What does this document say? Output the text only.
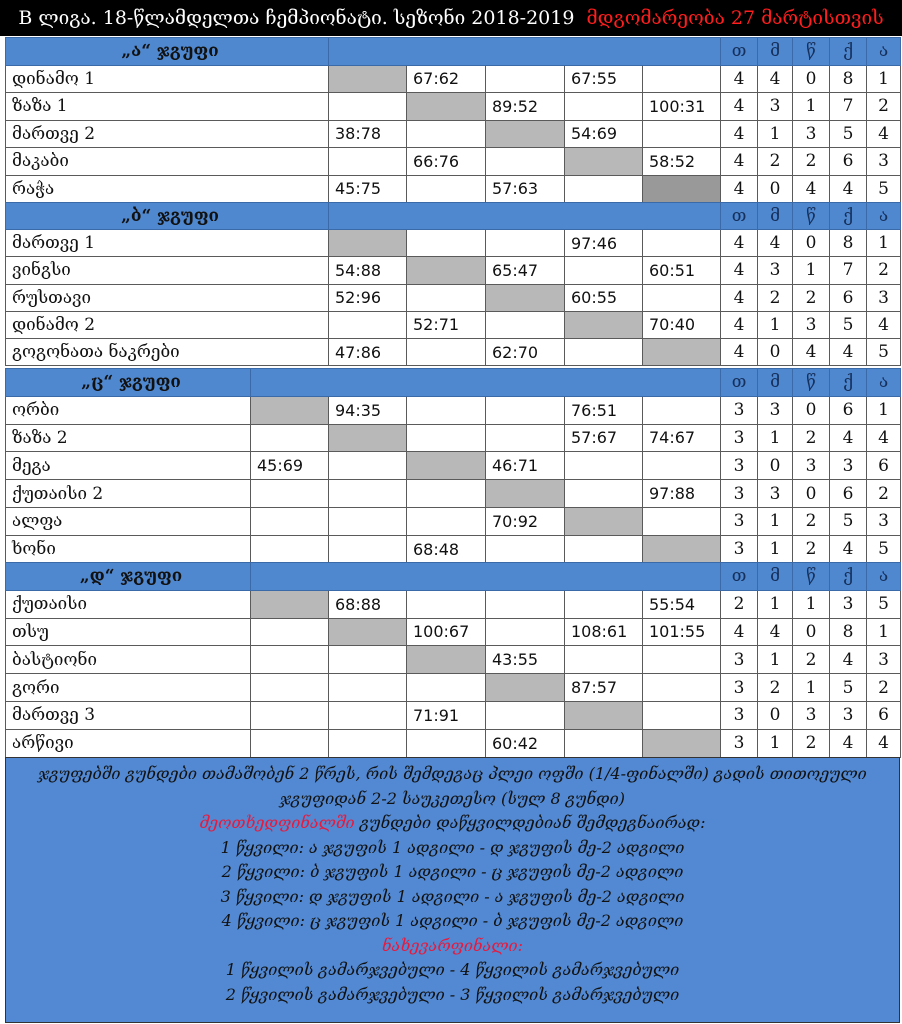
B ლიგა. 18-წლამდელთა ჩემპიონატი. სეზონი 2018-2019 მდგომარეობა 27 მარტისთვის
„ა“ ჯგუფი						თ	მ	წ	ქ	ა
დინამო 1		67:62		67:55		4	4	0	8	1
ზაზა 1			89:52		100:31	4	3	1	7	2
მართვე 2	38:78			54:69		4	1	3	5	4
მაკაბი		66:76			58:52	4	2	2	6	3
რაჭა	45:75		57:63			4	0	4	4	5
„ბ“ ჯგუფი						თ	მ	წ	ქ	ა
მართვე 1				97:46		4	4	0	8	1
ვინგსი	54:88		65:47		60:51	4	3	1	7	2
რუსთავი	52:96			60:55		4	2	2	6	3
დინამო 2		52:71			70:40	4	1	3	5	4
გოგონათა ნაკრები	47:86		62:70			4	0	4	4	5
„ც“ ჯგუფი							თ	მ	წ	ქ	ა
ორბი		94:35			76:51		3	3	0	6	1
ზაზა 2					57:67	74:67	3	1	2	4	4
მეგა	45:69			46:71			3	0	3	3	6
ქუთაისი 2						97:88	3	3	0	6	2
ალფა				70:92			3	1	2	5	3
ხონი			68:48				3	1	2	4	5
„დ“ ჯგუფი							თ	მ	წ	ქ	ა
ქუთაისი		68:88				55:54	2	1	1	3	5
თსუ			100:67		108:61	101:55	4	4	0	8	1
ბასტიონი				43:55			3	1	2	4	3
გორი					87:57		3	2	1	5	2
მართვე 3			71:91				3	0	3	3	6
არწივი				60:42			3	1	2	4	4
ჯგუფებში გუნდები თამაშობენ 2 წრეს, რის შემდეგაც პლეი ოფში (1/4-ფინალში) გადის თითოეული
ჯგუფიდან 2-2 საუკეთესო (სულ 8 გუნდი)
მეოთხედფინალში გუნდები დაწყვილდებიან შემდეგნაირად:
1 წყვილი: ა ჯგუფის 1 ადგილი - დ ჯგუფის მე-2 ადგილი
2 წყვილი: ბ ჯგუფის 1 ადგილი - ც ჯგუფის მე-2 ადგილი
3 წყვილი: დ ჯგუფის 1 ადგილი - ა ჯგუფის მე-2 ადგილი
4 წყვილი: ც ჯგუფის 1 ადგილი - ბ ჯგუფის მე-2 ადგილი
ნახევარფინალი:
1 წყვილის გამარჯვებული - 4 წყვილის გამარჯვებული
2 წყვილის გამარჯვებული - 3 წყვილის გამარჯვებული
